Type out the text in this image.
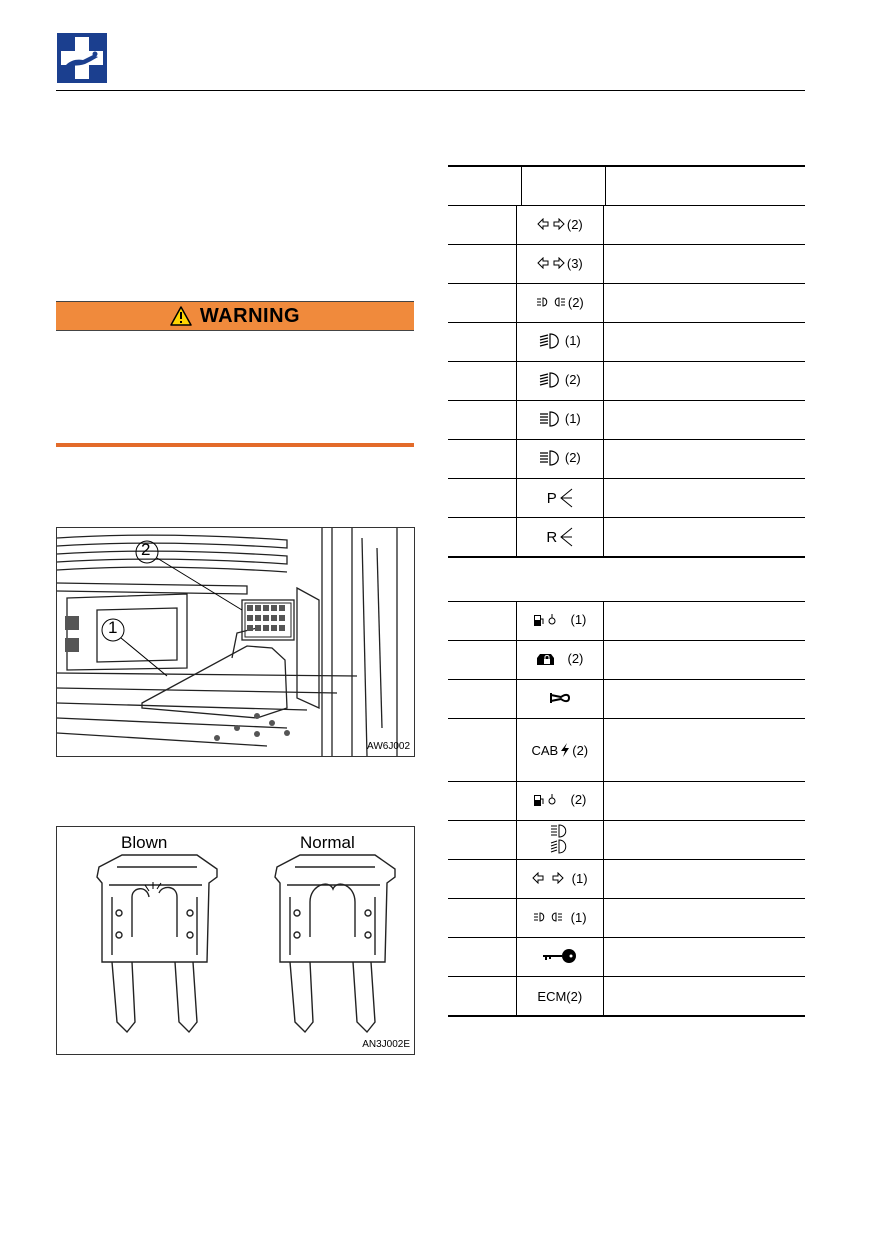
WARNING
2
1
AW6J002
Blown	Normal
AN3J002E

	(2)	

	(3)	

	(2)	

	(1)	

	(2)	

	(1)	

	(2)	

	P	

	R	

	(1)	

	(2)	

	CAB (2)	

	(2)	

	(1)	

	(1)	

	ECM(2)	
